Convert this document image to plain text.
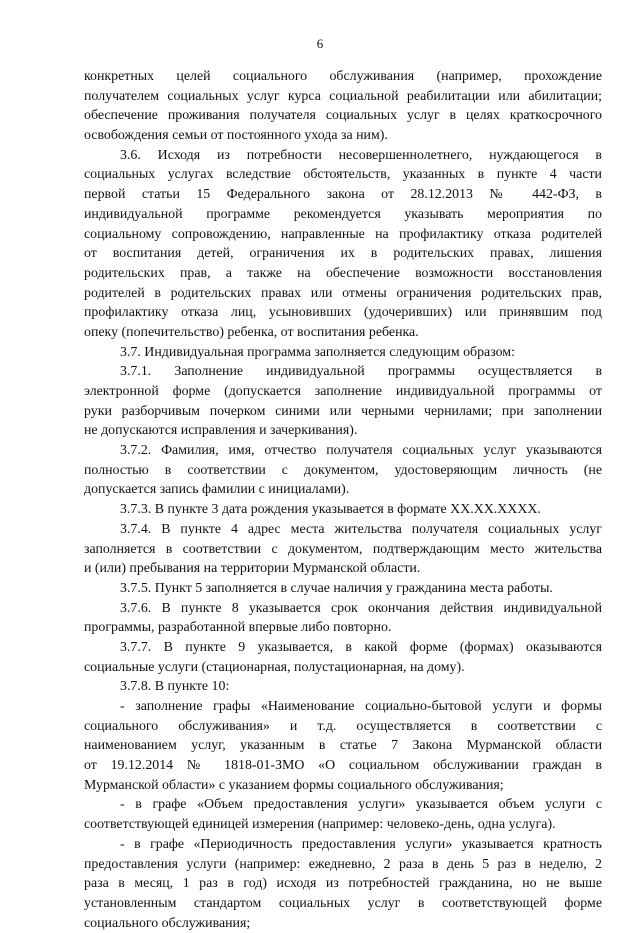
6
конкретных целей социального обслуживания (например, прохождение
получателем социальных услуг курса социальной реабилитации или абилитации;
обеспечение проживания получателя социальных услуг в целях краткосрочного
освобождения семьи от постоянного ухода за ним).
3.6. Исходя из потребности несовершеннолетнего, нуждающегося в
социальных услугах вследствие обстоятельств, указанных в пункте 4 части
первой статьи 15 Федерального закона от 28.12.2013 № 442-ФЗ, в
индивидуальной программе рекомендуется указывать мероприятия по
социальному сопровождению, направленные на профилактику отказа родителей
от воспитания детей, ограничения их в родительских правах, лишения
родительских прав, а также на обеспечение возможности восстановления
родителей в родительских правах или отмены ограничения родительских прав,
профилактику отказа лиц, усыновивших (удочеривших) или принявшим под
опеку (попечительство) ребенка, от воспитания ребенка.
3.7. Индивидуальная программа заполняется следующим образом:
3.7.1. Заполнение индивидуальной программы осуществляется в
электронной форме (допускается заполнение индивидуальной программы от
руки разборчивым почерком синими или черными чернилами; при заполнении
не допускаются исправления и зачеркивания).
3.7.2. Фамилия, имя, отчество получателя социальных услуг указываются
полностью в соответствии с документом, удостоверяющим личность (не
допускается запись фамилии с инициалами).
3.7.3. В пункте 3 дата рождения указывается в формате XX.XX.XXXX.
3.7.4. В пункте 4 адрес места жительства получателя социальных услуг
заполняется в соответствии с документом, подтверждающим место жительства
и (или) пребывания на территории Мурманской области.
3.7.5. Пункт 5 заполняется в случае наличия у гражданина места работы.
3.7.6. В пункте 8 указывается срок окончания действия индивидуальной
программы, разработанной впервые либо повторно.
3.7.7. В пункте 9 указывается, в какой форме (формах) оказываются
социальные услуги (стационарная, полустационарная, на дому).
3.7.8. В пункте 10:
- заполнение графы «Наименование социально-бытовой услуги и формы
социального обслуживания» и т.д. осуществляется в соответствии с
наименованием услуг, указанным в статье 7 Закона Мурманской области
от 19.12.2014 № 1818-01-ЗМО «О социальном обслуживании граждан в
Мурманской области» с указанием формы социального обслуживания;
- в графе «Объем предоставления услуги» указывается объем услуги с
соответствующей единицей измерения (например: человеко-день, одна услуга).
- в графе «Периодичность предоставления услуги» указывается кратность
предоставления услуги (например: ежедневно, 2 раза в день 5 раз в неделю, 2
раза в месяц, 1 раз в год) исходя из потребностей гражданина, но не выше
установленным стандартом социальных услуг в соответствующей форме
социального обслуживания;
